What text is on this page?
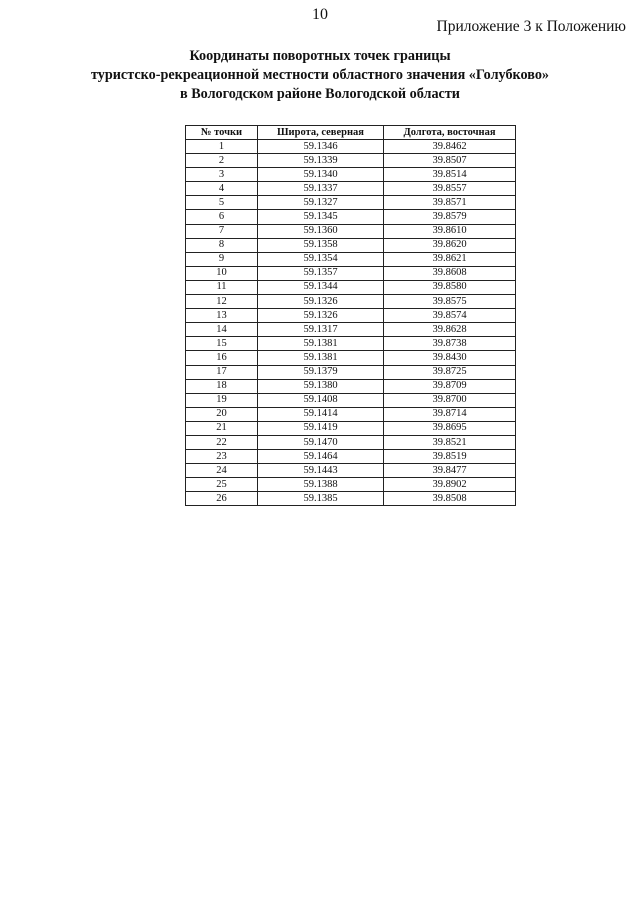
10
Приложение 3 к Положению
Координаты поворотных точек границы
туристско-рекреационной местности областного значения «Голубково»
в Вологодском районе Вологодской области
№ точки	Широта, северная	Долгота, восточная
1	59.1346	39.8462
2	59.1339	39.8507
3	59.1340	39.8514
4	59.1337	39.8557
5	59.1327	39.8571
6	59.1345	39.8579
7	59.1360	39.8610
8	59.1358	39.8620
9	59.1354	39.8621
10	59.1357	39.8608
11	59.1344	39.8580
12	59.1326	39.8575
13	59.1326	39.8574
14	59.1317	39.8628
15	59.1381	39.8738
16	59.1381	39.8430
17	59.1379	39.8725
18	59.1380	39.8709
19	59.1408	39.8700
20	59.1414	39.8714
21	59.1419	39.8695
22	59.1470	39.8521
23	59.1464	39.8519
24	59.1443	39.8477
25	59.1388	39.8902
26	59.1385	39.8508
